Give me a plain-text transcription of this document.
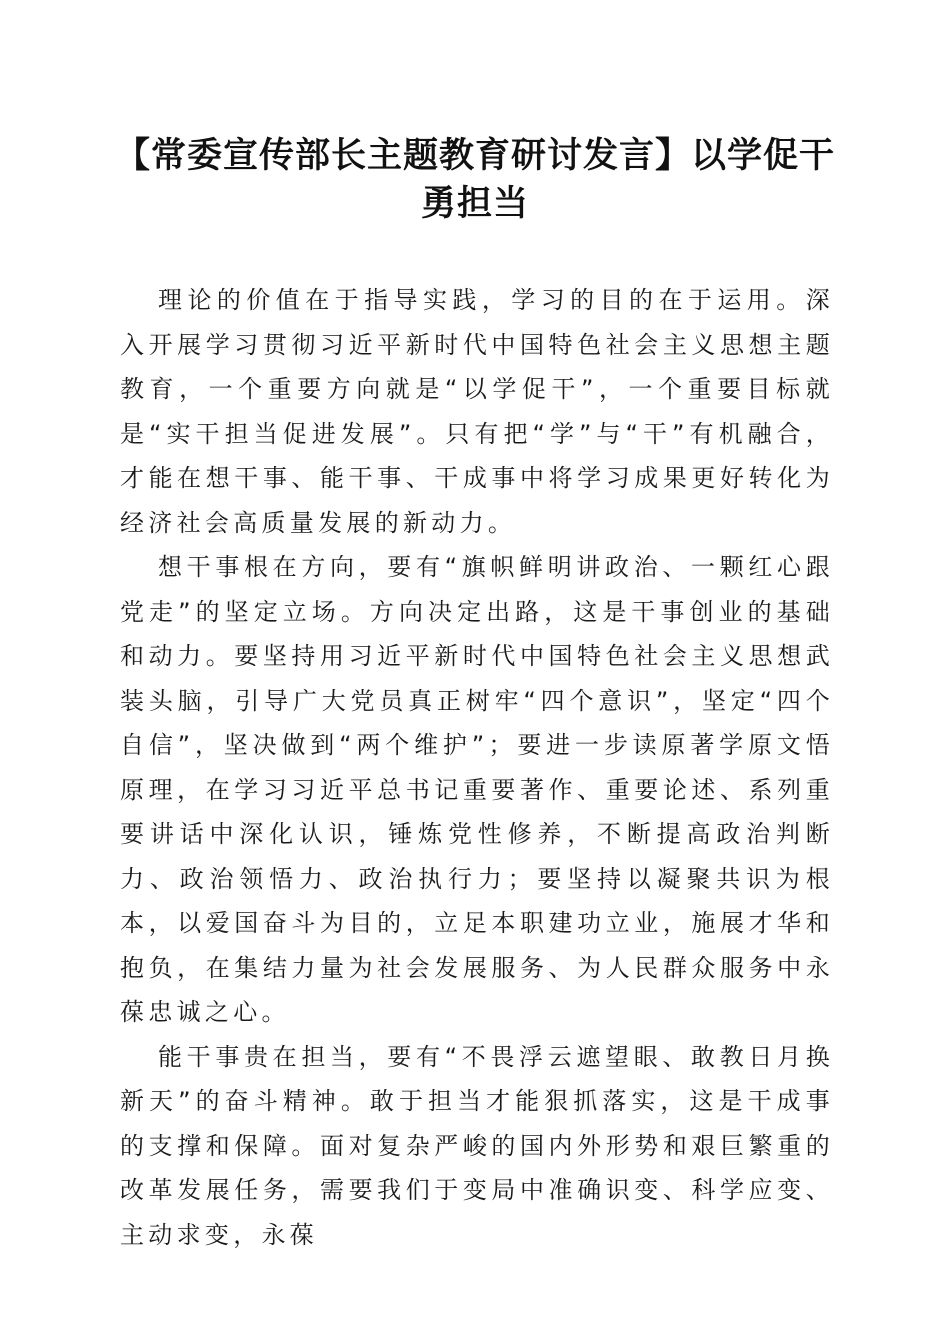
【常委宣传部长主题教育研讨发言】以学促干勇担当

理论的价值在于指导实践，学习的目的在于运用。深入开展学习贯彻习近平新时代中国特色社会主义思想主题教育，一个重要方向就是“以学促干”，一个重要目标就是“实干担当促进发展”。只有把“学”与“干”有机融合，才能在想干事、能干事、干成事中将学习成果更好转化为经济社会高质量发展的新动力。

想干事根在方向，要有“旗帜鲜明讲政治、一颗红心跟党走”的坚定立场。方向决定出路，这是干事创业的基础和动力。要坚持用习近平新时代中国特色社会主义思想武装头脑，引导广大党员真正树牢“四个意识”，坚定“四个自信”，坚决做到“两个维护”；要进一步读原著学原文悟原理，在学习习近平总书记重要著作、重要论述、系列重要讲话中深化认识，锤炼党性修养，不断提高政治判断力、政治领悟力、政治执行力；要坚持以凝聚共识为根本，以爱国奋斗为目的，立足本职建功立业，施展才华和抱负，在集结力量为社会发展服务、为人民群众服务中永葆忠诚之心。

能干事贵在担当，要有“不畏浮云遮望眼、敢教日月换新天”的奋斗精神。敢于担当才能狠抓落实，这是干成事的支撑和保障。面对复杂严峻的国内外形势和艰巨繁重的改革发展任务，需要我们于变局中准确识变、科学应变、主动求变，永葆
